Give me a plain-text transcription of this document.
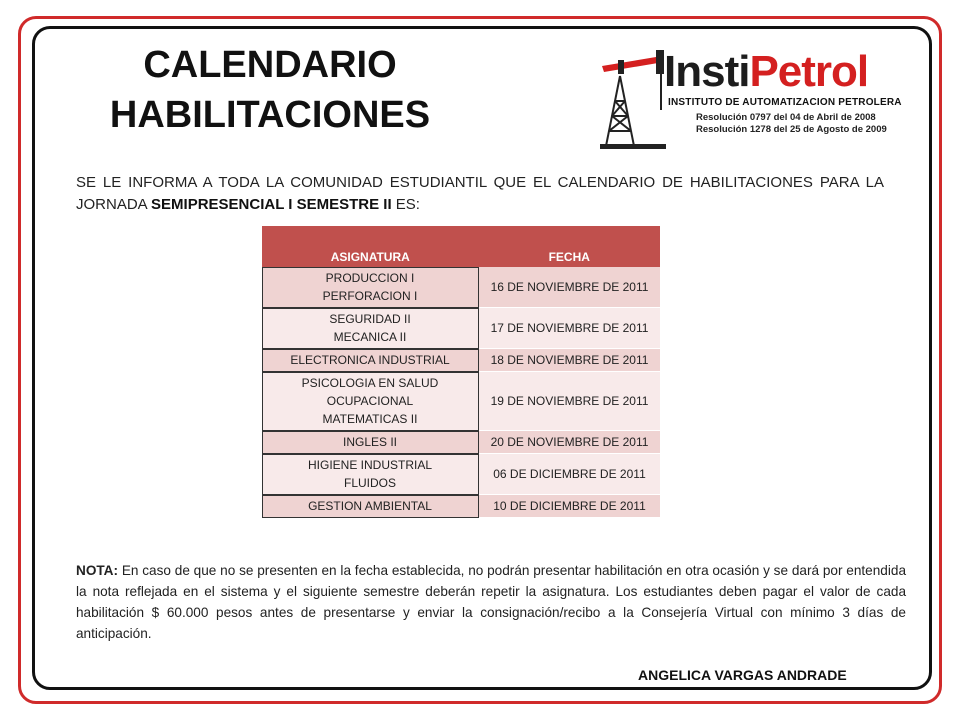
CALENDARIO HABILITACIONES
InstiPetrol
INSTITUTO DE AUTOMATIZACION PETROLERA
Resolución 0797 del 04 de Abril de 2008
Resolución 1278 del 25 de Agosto de 2009
SE LE INFORMA A TODA LA COMUNIDAD ESTUDIANTIL QUE EL CALENDARIO DE HABILITACIONES PARA LA JORNADA SEMIPRESENCIAL I SEMESTRE II ES:
ASIGNATURA	FECHA

PRODUCCION I
PERFORACION I	16 DE NOVIEMBRE DE 2011

SEGURIDAD II
MECANICA II	17 DE NOVIEMBRE DE 2011

ELECTRONICA INDUSTRIAL	18 DE NOVIEMBRE DE 2011

PSICOLOGIA EN SALUD
OCUPACIONAL
MATEMATICAS II	19 DE NOVIEMBRE DE 2011

INGLES II	20 DE NOVIEMBRE DE 2011

HIGIENE INDUSTRIAL
FLUIDOS	06 DE DICIEMBRE DE 2011

GESTION AMBIENTAL	10 DE DICIEMBRE DE 2011
NOTA: En caso de que no se presenten en la fecha establecida, no podrán presentar habilitación en otra ocasión y se dará por entendida la nota reflejada en el sistema y el siguiente semestre deberán repetir la asignatura. Los estudiantes deben pagar el valor de cada habilitación $ 60.000 pesos antes de presentarse y enviar la consignación/recibo a la Consejería Virtual con mínimo 3 días de anticipación.
ANGELICA VARGAS ANDRADE
